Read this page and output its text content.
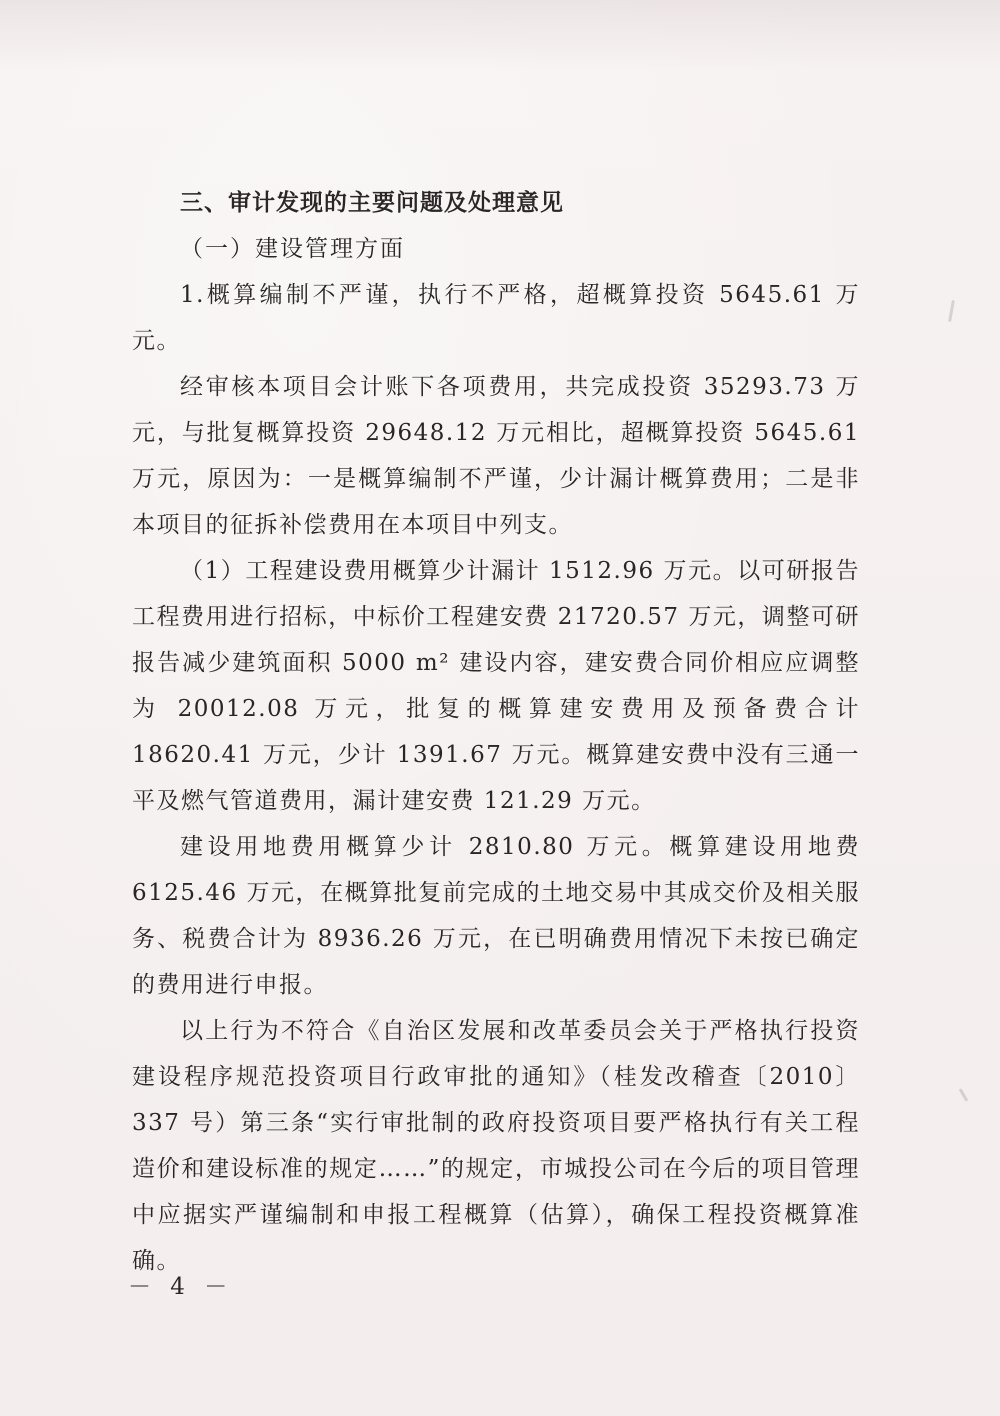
三、审计发现的主要问题及处理意见

（一）建设管理方面

1.概算编制不严谨，执行不严格，超概算投资 5645.61 万元。

经审核本项目会计账下各项费用，共完成投资 35293.73 万元，与批复概算投资 29648.12 万元相比，超概算投资 5645.61 万元，原因为：一是概算编制不严谨，少计漏计概算费用；二是非本项目的征拆补偿费用在本项目中列支。

（1）工程建设费用概算少计漏计 1512.96 万元。以可研报告工程费用进行招标，中标价工程建安费 21720.57 万元，调整可研报告减少建筑面积 5000 m² 建设内容，建安费合同价相应应调整为 20012.08 万元，批复的概算建安费用及预备费合计 18620.41 万元，少计 1391.67 万元。概算建安费中没有三通一平及燃气管道费用，漏计建安费 121.29 万元。

建设用地费用概算少计 2810.80 万元。概算建设用地费 6125.46 万元，在概算批复前完成的土地交易中其成交价及相关服务、税费合计为 8936.26 万元，在已明确费用情况下未按已确定的费用进行申报。

以上行为不符合《自治区发展和改革委员会关于严格执行投资建设程序规范投资项目行政审批的通知》（桂发改稽查〔2010〕337 号）第三条“实行审批制的政府投资项目要严格执行有关工程造价和建设标准的规定……”的规定，市城投公司在今后的项目管理中应据实严谨编制和申报工程概算（估算），确保工程投资概算准确。

－ 4 －
